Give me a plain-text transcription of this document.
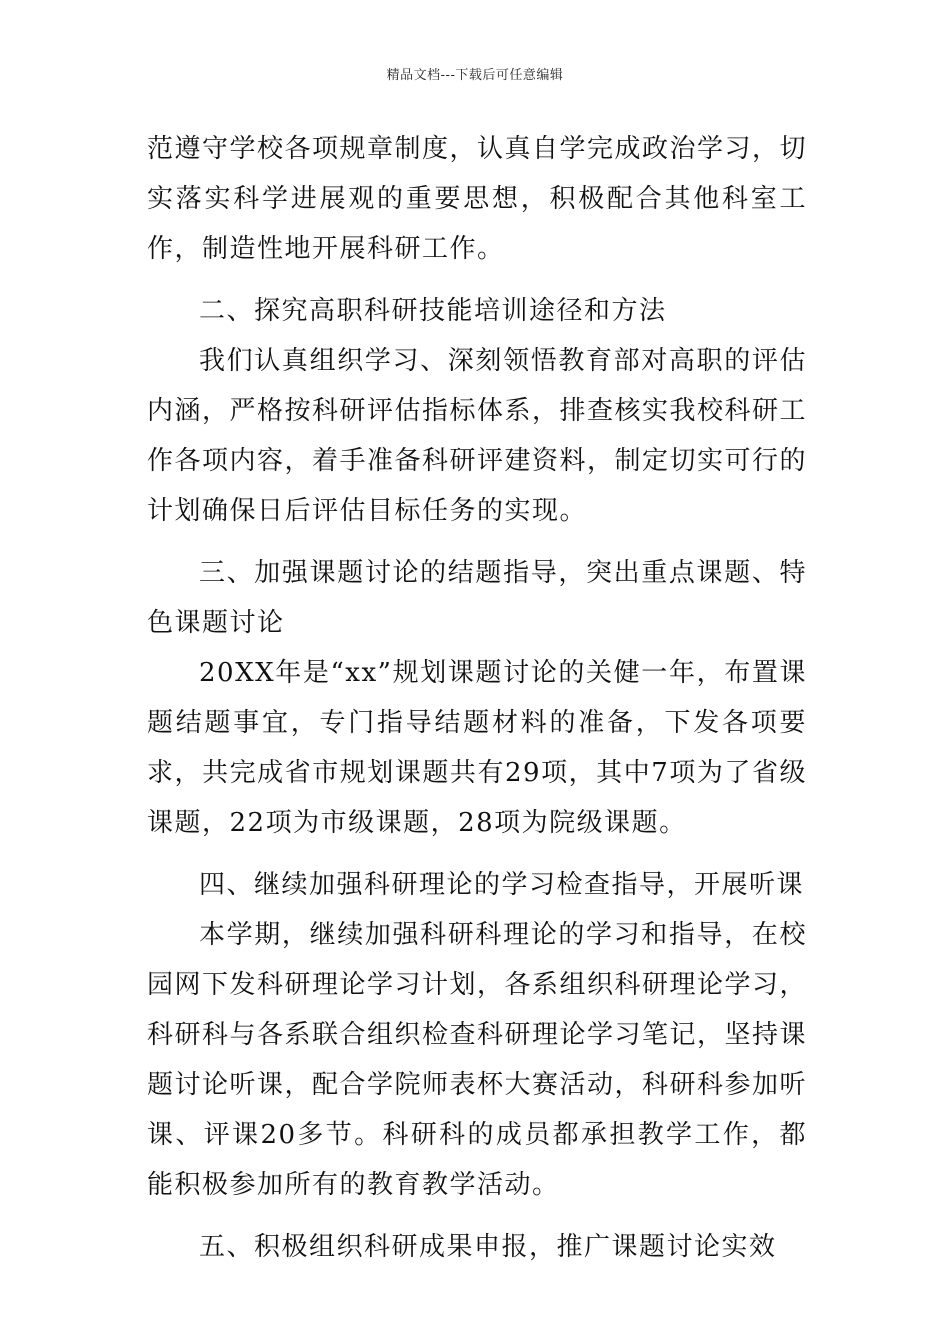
精品文档---下载后可任意编辑

范遵守学校各项规章制度，认真自学完成政治学习，切实落实科学进展观的重要思想，积极配合其他科室工作，制造性地开展科研工作。

二、探究高职科研技能培训途径和方法

我们认真组织学习、深刻领悟教育部对高职的评估内涵，严格按科研评估指标体系，排查核实我校科研工作各项内容，着手准备科研评建资料，制定切实可行的计划确保日后评估目标任务的实现。

三、加强课题讨论的结题指导，突出重点课题、特色课题讨论

20XX年是“xx”规划课题讨论的关健一年，布置课题结题事宜，专门指导结题材料的准备，下发各项要求，共完成省市规划课题共有29项，其中7项为了省级课题，22项为市级课题，28项为院级课题。

四、继续加强科研理论的学习检查指导，开展听课

本学期，继续加强科研科理论的学习和指导，在校园网下发科研理论学习计划，各系组织科研理论学习，科研科与各系联合组织检查科研理论学习笔记，坚持课题讨论听课，配合学院师表杯大赛活动，科研科参加听课、评课20多节。科研科的成员都承担教学工作，都能积极参加所有的教育教学活动。

五、积极组织科研成果申报，推广课题讨论实效
